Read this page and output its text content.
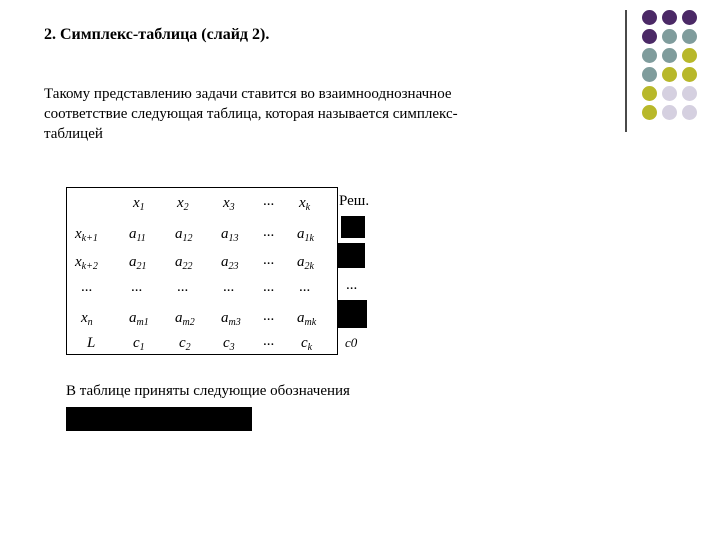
2. Симплекс-таблица (слайд 2).
Такому представлению задачи ставится во взаимнооднозначное
соответствие следующая таблица, которая называется симплекс-
таблицей
$x_1$ $x_2$ $x_3$ ... $x_k$
$x_{k+1}$ $a_{11}$ $a_{12}$ $a_{13}$ ... $a_{1k}$
$x_{k+2}$ $a_{21}$ $a_{22}$ $a_{23}$ ... $a_{2k}$
...	... ... ... ... ...
$x_n$ $a_{m1}$ $a_{m2}$ $a_{m3}$ ... $a_{mk}$
L	$c_1$ $c_2$ $c_3$ ... $c_k$
Реш.
...
c0
В таблице приняты следующие обозначения
